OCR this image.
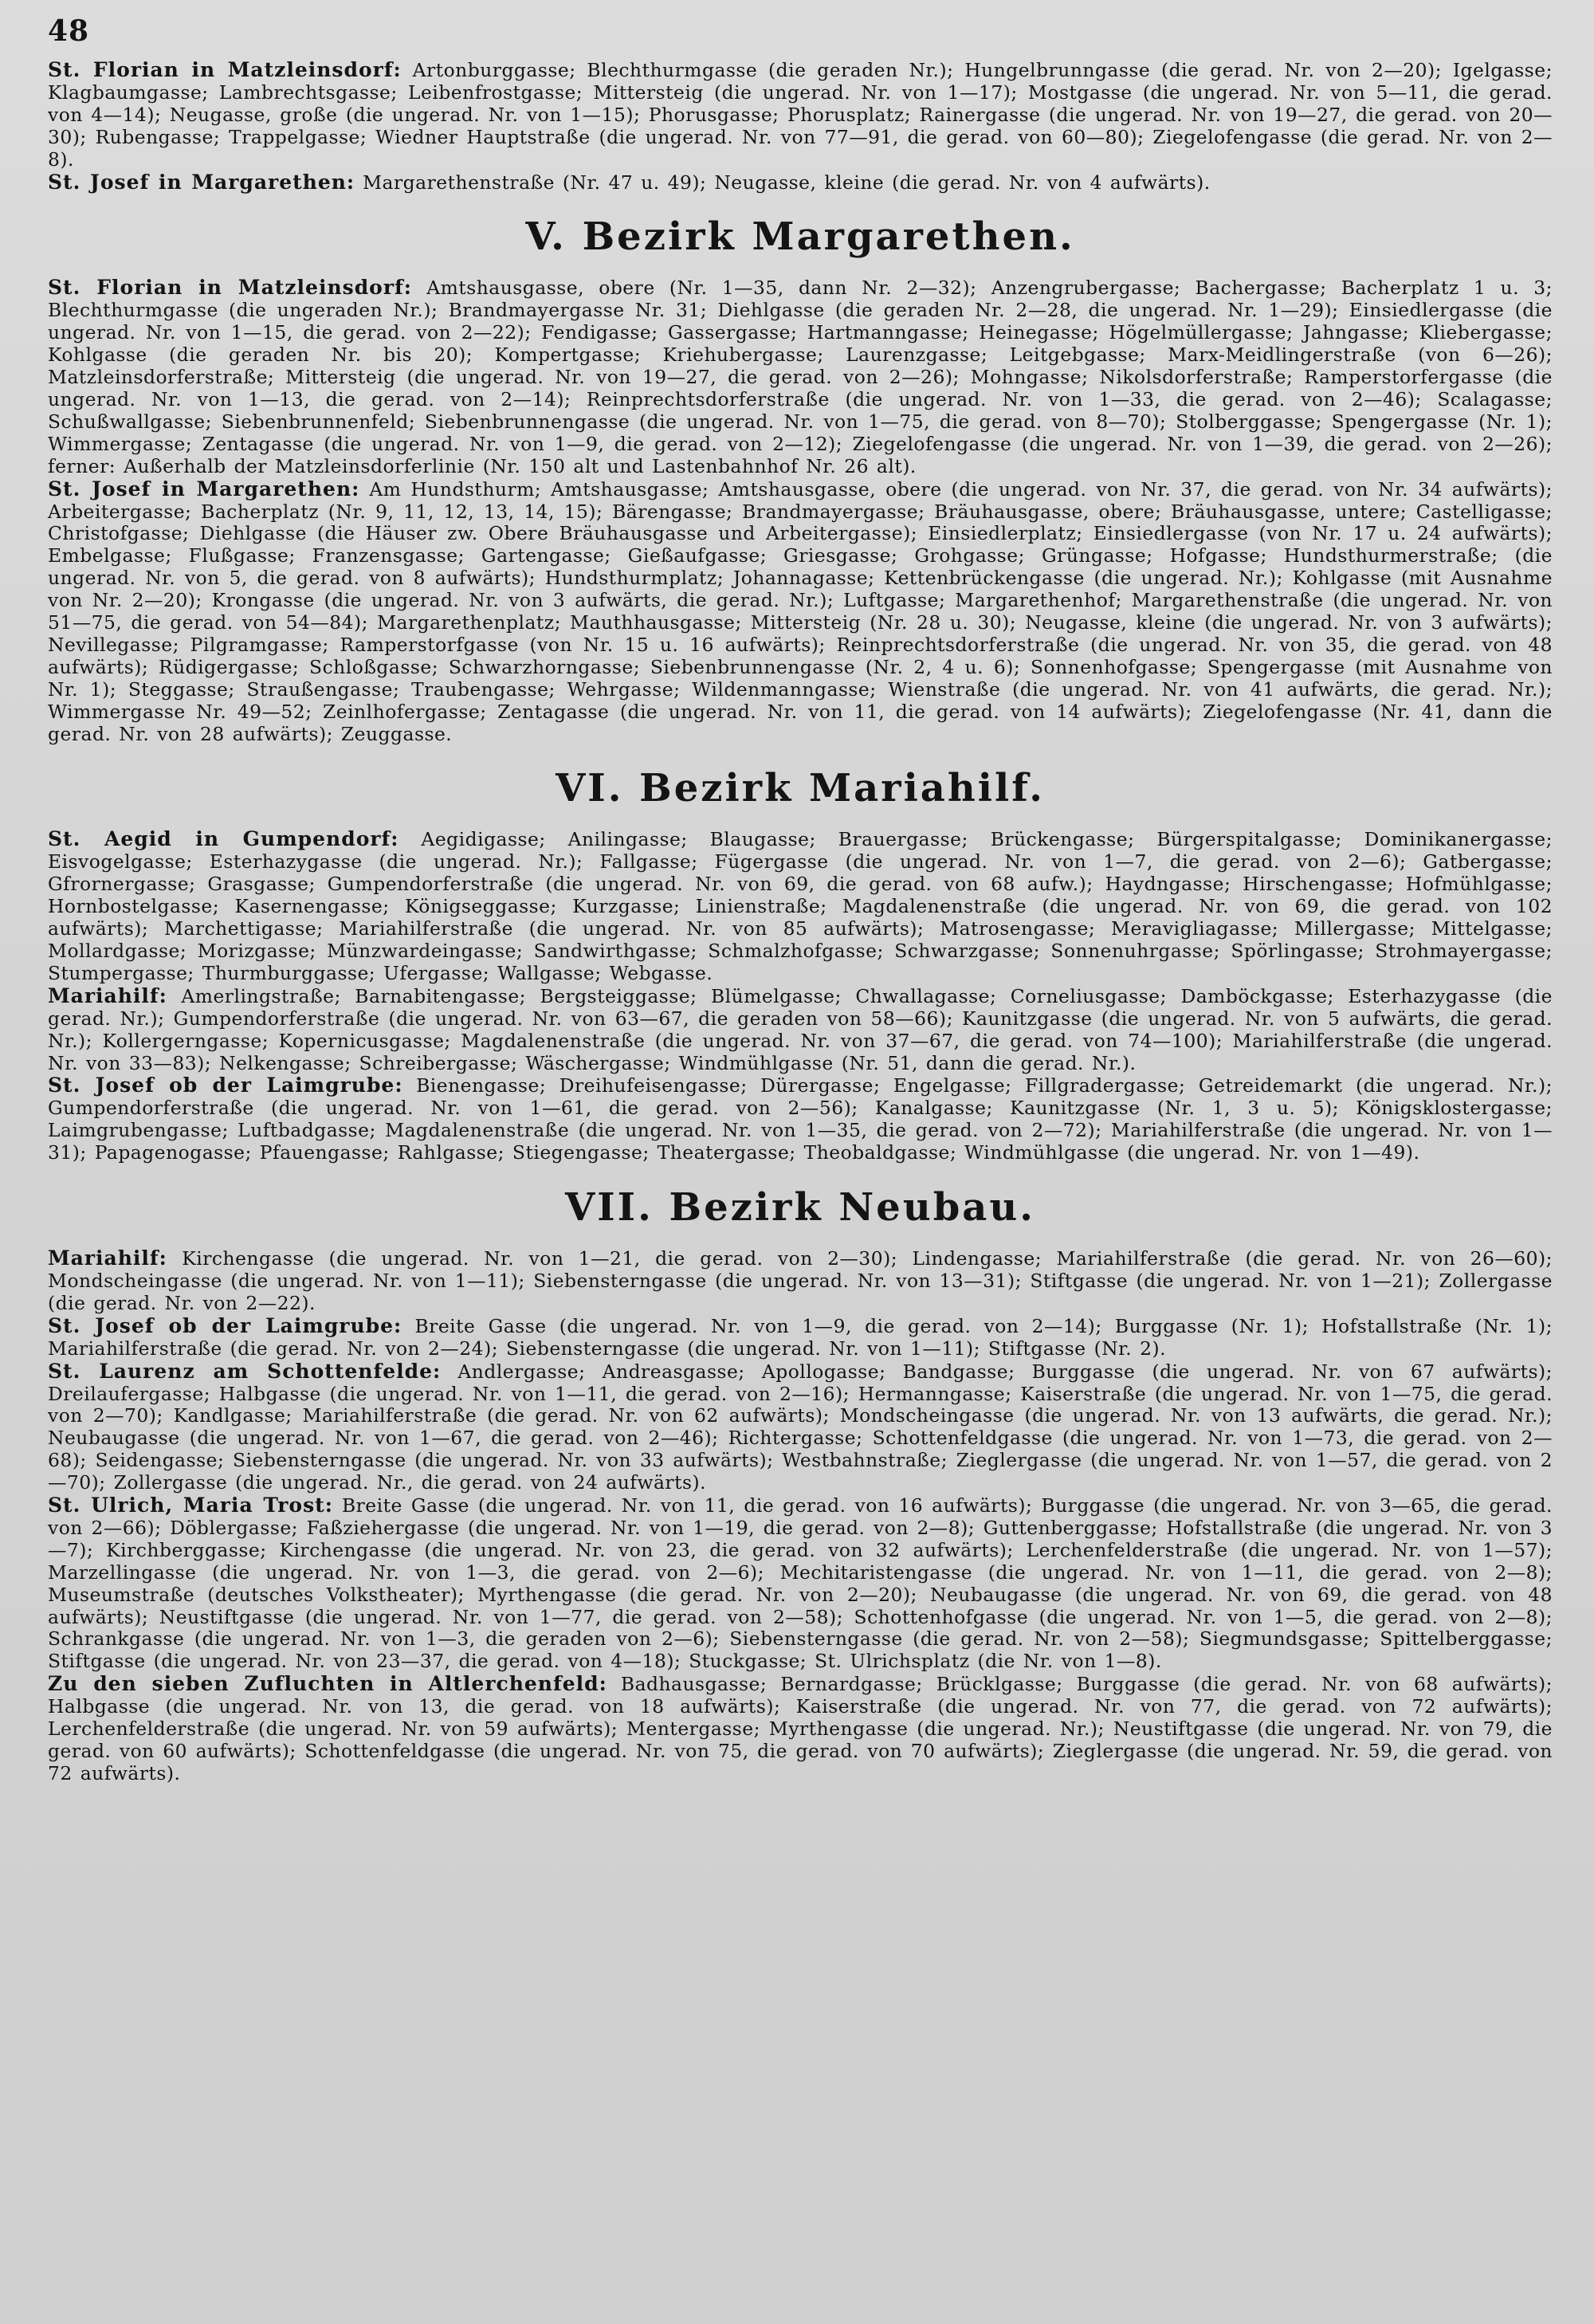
48

St. Florian in Matzleinsdorf: Artonburggasse; Blechthurmgasse (die geraden Nr.); Hungelbrunngasse (die gerad. Nr. von 2—20); Igelgasse; Klagbaumgasse; Lambrechtsgasse; Leibenfrostgasse; Mittersteig (die ungerad. Nr. von 1—17); Mostgasse (die ungerad. Nr. von 5—11, die gerad. von 4—14); Neugasse, große (die ungerad. Nr. von 1—15); Phorusgasse; Phorusplatz; Rainergasse (die ungerad. Nr. von 19—27, die gerad. von 20—30); Rubengasse; Trappelgasse; Wiedner Hauptstraße (die ungerad. Nr. von 77—91, die gerad. von 60—80); Ziegelofengasse (die gerad. Nr. von 2—8).

St. Josef in Margarethen: Margarethenstraße (Nr. 47 u. 49); Neugasse, kleine (die gerad. Nr. von 4 aufwärts).

V. Bezirk Margarethen.

St. Florian in Matzleinsdorf: Amtshausgasse, obere (Nr. 1—35, dann Nr. 2—32); Anzengrubergasse; Bachergasse; Bacherplatz 1 u. 3; Blechthurmgasse (die ungeraden Nr.); Brandmayergasse Nr. 31; Diehlgasse (die geraden Nr. 2—28, die ungerad. Nr. 1—29); Einsiedlergasse (die ungerad. Nr. von 1—15, die gerad. von 2—22); Fendigasse; Gassergasse; Hartmanngasse; Heinegasse; Högelmüllergasse; Jahngasse; Kliebergasse; Kohlgasse (die geraden Nr. bis 20); Kompertgasse; Kriehubergasse; Laurenzgasse; Leitgebgasse; Marx-Meidlingerstraße (von 6—26); Matzleinsdorferstraße; Mittersteig (die ungerad. Nr. von 19—27, die gerad. von 2—26); Mohngasse; Nikolsdorferstraße; Ramperstorfergasse (die ungerad. Nr. von 1—13, die gerad. von 2—14); Reinprechtsdorferstraße (die ungerad. Nr. von 1—33, die gerad. von 2—46); Scalagasse; Schußwallgasse; Siebenbrunnenfeld; Siebenbrunnengasse (die ungerad. Nr. von 1—75, die gerad. von 8—70); Stolberggasse; Spengergasse (Nr. 1); Wimmergasse; Zentagasse (die ungerad. Nr. von 1—9, die gerad. von 2—12); Ziegelofengasse (die ungerad. Nr. von 1—39, die gerad. von 2—26); ferner: Außerhalb der Matzleinsdorferlinie (Nr. 150 alt und Lastenbahnhof Nr. 26 alt).

St. Josef in Margarethen: Am Hundsthurm; Amtshausgasse; Amtshausgasse, obere (die ungerad. von Nr. 37, die gerad. von Nr. 34 aufwärts); Arbeitergasse; Bacherplatz (Nr. 9, 11, 12, 13, 14, 15); Bärengasse; Brandmayergasse; Bräuhausgasse, obere; Bräuhausgasse, untere; Castelligasse; Christofgasse; Diehlgasse (die Häuser zw. Obere Bräuhausgasse und Arbeitergasse); Einsiedlerplatz; Einsiedlergasse (von Nr. 17 u. 24 aufwärts); Embelgasse; Flußgasse; Franzensgasse; Gartengasse; Gießaufgasse; Griesgasse; Grohgasse; Grüngasse; Hofgasse; Hundsthurmerstraße; (die ungerad. Nr. von 5, die gerad. von 8 aufwärts); Hundsthurmplatz; Johannagasse; Kettenbrückengasse (die ungerad. Nr.); Kohlgasse (mit Ausnahme von Nr. 2—20); Krongasse (die ungerad. Nr. von 3 aufwärts, die gerad. Nr.); Luftgasse; Margarethenhof; Margarethenstraße (die ungerad. Nr. von 51—75, die gerad. von 54—84); Margarethenplatz; Mauthhausgasse; Mittersteig (Nr. 28 u. 30); Neugasse, kleine (die ungerad. Nr. von 3 aufwärts); Nevillegasse; Pilgramgasse; Ramperstorfgasse (von Nr. 15 u. 16 aufwärts); Reinprechtsdorferstraße (die ungerad. Nr. von 35, die gerad. von 48 aufwärts); Rüdigergasse; Schloßgasse; Schwarzhorngasse; Siebenbrunnengasse (Nr. 2, 4 u. 6); Sonnenhofgasse; Spengergasse (mit Ausnahme von Nr. 1); Steggasse; Straußengasse; Traubengasse; Wehrgasse; Wildenmanngasse; Wienstraße (die ungerad. Nr. von 41 aufwärts, die gerad. Nr.); Wimmergasse Nr. 49—52; Zeinlhofergasse; Zentagasse (die ungerad. Nr. von 11, die gerad. von 14 aufwärts); Ziegelofengasse (Nr. 41, dann die gerad. Nr. von 28 aufwärts); Zeuggasse.

VI. Bezirk Mariahilf.

St. Aegid in Gumpendorf: Aegidigasse; Anilingasse; Blaugasse; Brauergasse; Brückengasse; Bürgerspitalgasse; Dominikanergasse; Eisvogelgasse; Esterhazygasse (die ungerad. Nr.); Fallgasse; Fügergasse (die ungerad. Nr. von 1—7, die gerad. von 2—6); Gatbergasse; Gfrornergasse; Grasgasse; Gumpendorferstraße (die ungerad. Nr. von 69, die gerad. von 68 aufw.); Haydngasse; Hirschengasse; Hofmühlgasse; Hornbostelgasse; Kasernengasse; Königseggasse; Kurzgasse; Linienstraße; Magdalenenstraße (die ungerad. Nr. von 69, die gerad. von 102 aufwärts); Marchettigasse; Mariahilferstraße (die ungerad. Nr. von 85 aufwärts); Matrosengasse; Meravigliagasse; Millergasse; Mittelgasse; Mollardgasse; Morizgasse; Münzwardeingasse; Sandwirthgasse; Schmalzhofgasse; Schwarzgasse; Sonnenuhrgasse; Spörlingasse; Strohmayergasse; Stumpergasse; Thurmburggasse; Ufergasse; Wallgasse; Webgasse.

Mariahilf: Amerlingstraße; Barnabitengasse; Bergsteiggasse; Blümelgasse; Chwallagasse; Corneliusgasse; Damböckgasse; Esterhazygasse (die gerad. Nr.); Gumpendorferstraße (die ungerad. Nr. von 63—67, die geraden von 58—66); Kaunitzgasse (die ungerad. Nr. von 5 aufwärts, die gerad. Nr.); Kollergerngasse; Kopernicusgasse; Magdalenenstraße (die ungerad. Nr. von 37—67, die gerad. von 74—100); Mariahilferstraße (die ungerad. Nr. von 33—83); Nelkengasse; Schreibergasse; Wäschergasse; Windmühlgasse (Nr. 51, dann die gerad. Nr.).

St. Josef ob der Laimgrube: Bienengasse; Dreihufeisengasse; Dürergasse; Engelgasse; Fillgradergasse; Getreidemarkt (die ungerad. Nr.); Gumpendorferstraße (die ungerad. Nr. von 1—61, die gerad. von 2—56); Kanalgasse; Kaunitzgasse (Nr. 1, 3 u. 5); Königsklostergasse; Laimgrubengasse; Luftbadgasse; Magdalenenstraße (die ungerad. Nr. von 1—35, die gerad. von 2—72); Mariahilferstraße (die ungerad. Nr. von 1—31); Papagenogasse; Pfauengasse; Rahlgasse; Stiegengasse; Theatergasse; Theobaldgasse; Windmühlgasse (die ungerad. Nr. von 1—49).

VII. Bezirk Neubau.

Mariahilf: Kirchengasse (die ungerad. Nr. von 1—21, die gerad. von 2—30); Lindengasse; Mariahilferstraße (die gerad. Nr. von 26—60); Mondscheingasse (die ungerad. Nr. von 1—11); Siebensterngasse (die ungerad. Nr. von 13—31); Stiftgasse (die ungerad. Nr. von 1—21); Zollergasse (die gerad. Nr. von 2—22).

St. Josef ob der Laimgrube: Breite Gasse (die ungerad. Nr. von 1—9, die gerad. von 2—14); Burggasse (Nr. 1); Hofstallstraße (Nr. 1); Mariahilferstraße (die gerad. Nr. von 2—24); Siebensterngasse (die ungerad. Nr. von 1—11); Stiftgasse (Nr. 2).

St. Laurenz am Schottenfelde: Andlergasse; Andreasgasse; Apollogasse; Bandgasse; Burggasse (die ungerad. Nr. von 67 aufwärts); Dreilaufergasse; Halbgasse (die ungerad. Nr. von 1—11, die gerad. von 2—16); Hermanngasse; Kaiserstraße (die ungerad. Nr. von 1—75, die gerad. von 2—70); Kandlgasse; Mariahilferstraße (die gerad. Nr. von 62 aufwärts); Mondscheingasse (die ungerad. Nr. von 13 aufwärts, die gerad. Nr.); Neubaugasse (die ungerad. Nr. von 1—67, die gerad. von 2—46); Richtergasse; Schottenfeldgasse (die ungerad. Nr. von 1—73, die gerad. von 2—68); Seidengasse; Siebensterngasse (die ungerad. Nr. von 33 aufwärts); Westbahnstraße; Zieglergasse (die ungerad. Nr. von 1—57, die gerad. von 2—70); Zollergasse (die ungerad. Nr., die gerad. von 24 aufwärts).

St. Ulrich, Maria Trost: Breite Gasse (die ungerad. Nr. von 11, die gerad. von 16 aufwärts); Burggasse (die ungerad. Nr. von 3—65, die gerad. von 2—66); Döblergasse; Faßziehergasse (die ungerad. Nr. von 1—19, die gerad. von 2—8); Guttenberggasse; Hofstallstraße (die ungerad. Nr. von 3—7); Kirchberggasse; Kirchengasse (die ungerad. Nr. von 23, die gerad. von 32 aufwärts); Lerchenfelderstraße (die ungerad. Nr. von 1—57); Marzellingasse (die ungerad. Nr. von 1—3, die gerad. von 2—6); Mechitaristengasse (die ungerad. Nr. von 1—11, die gerad. von 2—8); Museumstraße (deutsches Volkstheater); Myrthengasse (die gerad. Nr. von 2—20); Neubaugasse (die ungerad. Nr. von 69, die gerad. von 48 aufwärts); Neustiftgasse (die ungerad. Nr. von 1—77, die gerad. von 2—58); Schottenhofgasse (die ungerad. Nr. von 1—5, die gerad. von 2—8); Schrankgasse (die ungerad. Nr. von 1—3, die geraden von 2—6); Siebensterngasse (die gerad. Nr. von 2—58); Siegmundsgasse; Spittelberggasse; Stiftgasse (die ungerad. Nr. von 23—37, die gerad. von 4—18); Stuckgasse; St. Ulrichsplatz (die Nr. von 1—8).

Zu den sieben Zufluchten in Altlerchenfeld: Badhausgasse; Bernardgasse; Brücklgasse; Burggasse (die gerad. Nr. von 68 aufwärts); Halbgasse (die ungerad. Nr. von 13, die gerad. von 18 aufwärts); Kaiserstraße (die ungerad. Nr. von 77, die gerad. von 72 aufwärts); Lerchenfelderstraße (die ungerad. Nr. von 59 aufwärts); Mentergasse; Myrthengasse (die ungerad. Nr.); Neustiftgasse (die ungerad. Nr. von 79, die gerad. von 60 aufwärts); Schottenfeldgasse (die ungerad. Nr. von 75, die gerad. von 70 aufwärts); Zieglergasse (die ungerad. Nr. 59, die gerad. von 72 aufwärts).
